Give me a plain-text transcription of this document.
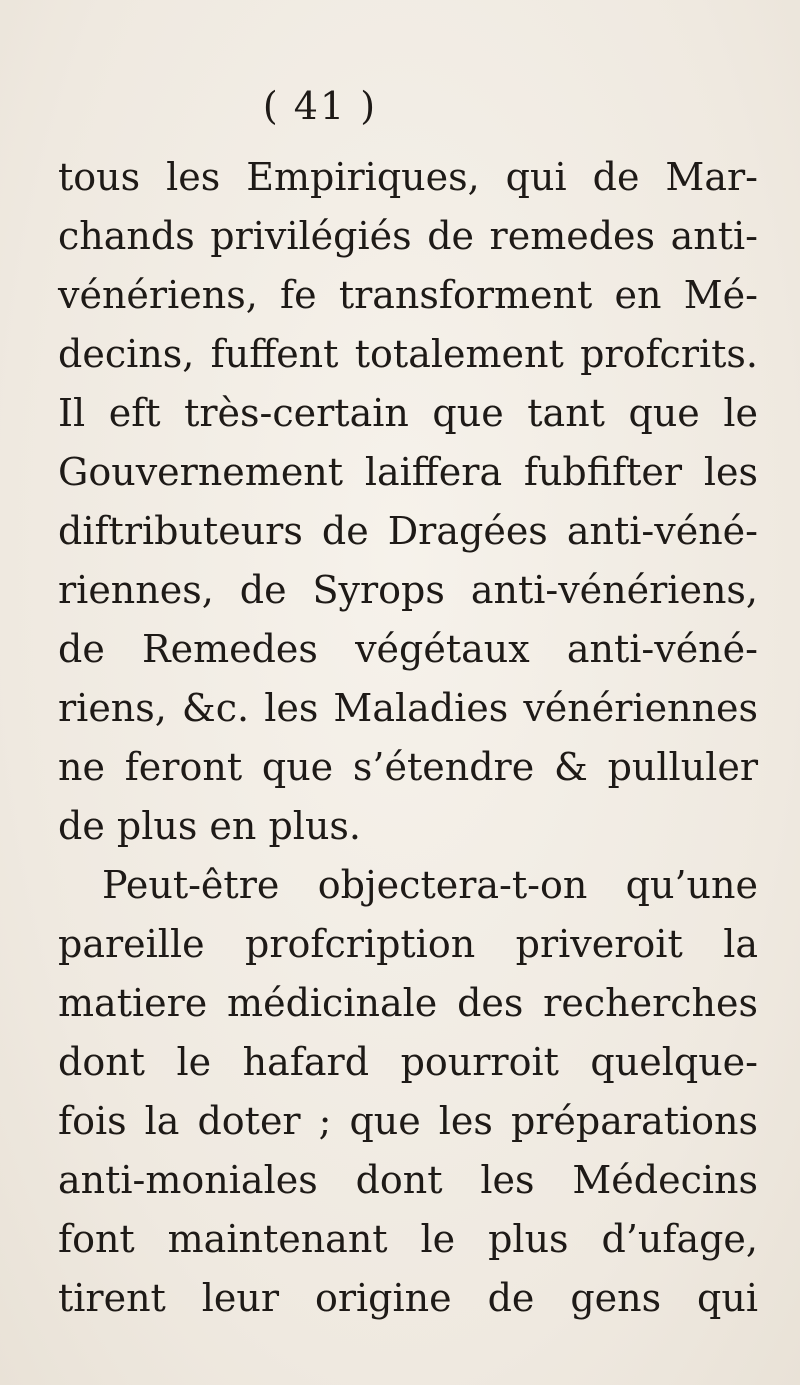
( 41 )
tous les Empiriques, qui de Mar-
chands privilégiés de remedes anti-
vénériens, fe transforment en Mé-
decins, fuffent totalement profcrits.
Il eft très-certain que tant que le
Gouvernement laiffera fubfifter les
diftributeurs de Dragées anti-véné-
riennes, de Syrops anti-vénériens,
de Remedes végétaux anti-véné-
riens, &c. les Maladies vénériennes
ne feront que s’étendre & pulluler
de plus en plus.
Peut-être objectera-t-on qu’une
pareille profcription priveroit la
matiere médicinale des recherches
dont le hafard pourroit quelque-
fois la doter ; que les préparations
anti-moniales dont les Médecins
font maintenant le plus d’ufage,
tirent leur origine de gens qui
